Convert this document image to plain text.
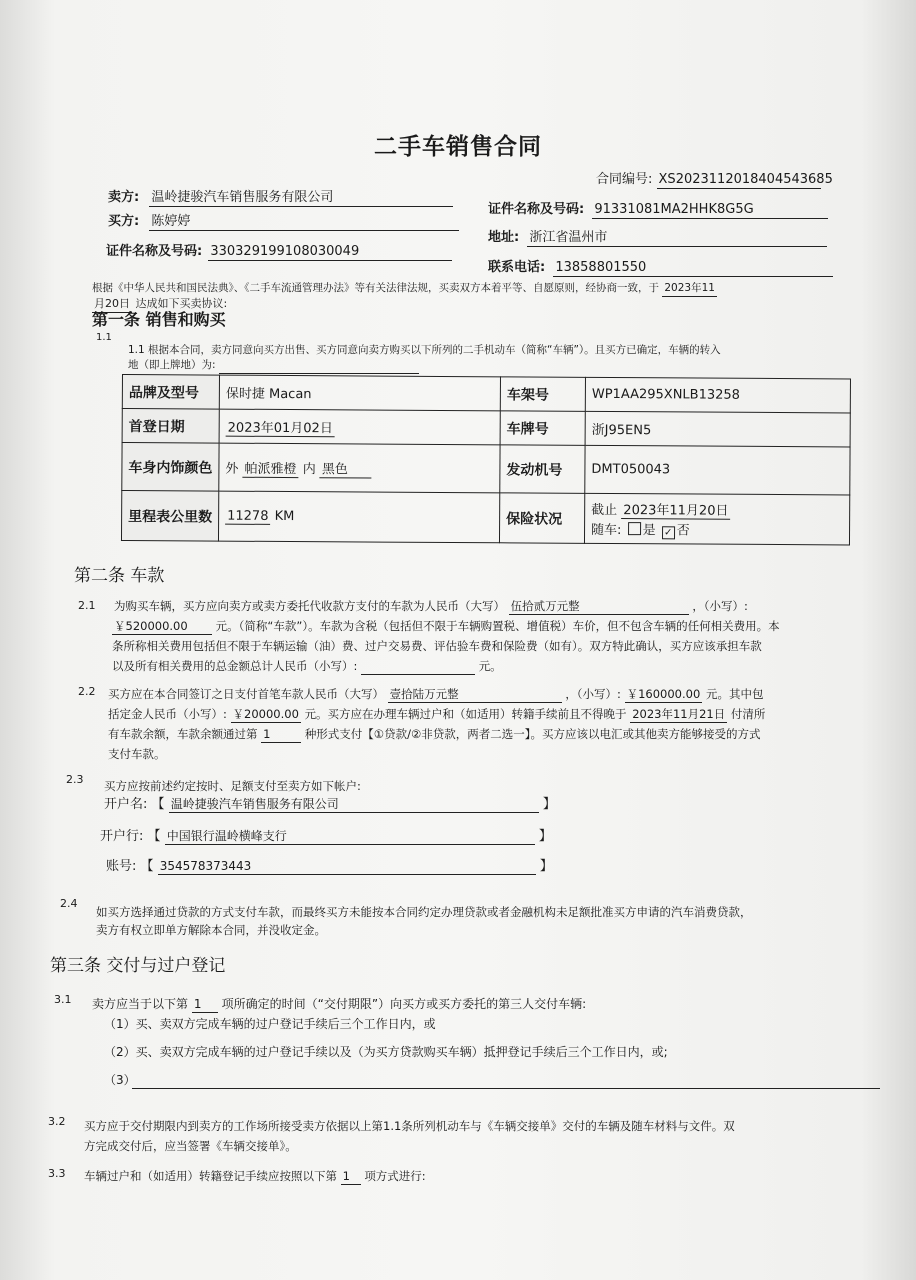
二手车销售合同
合同编号: XS2023112018404543685
卖方: 温岭捷骏汽车销售服务有限公司
证件名称及号码: 91331081MA2HHK8G5G
买方: 陈婷婷
地址: 浙江省温州市
证件名称及号码: 330329199108030049
联系电话: 13858801550
根据《中华人民共和国民法典》、《二手车流通管理办法》等有关法律法规，买卖双方本着平等、自愿原则，经协商一致，于 2023年11
月20日 达成如下买卖协议:
第一条 销售和购买
1.1
1.1 根据本合同，卖方同意向买方出售、买方同意向卖方购买以下所列的二手机动车（简称“车辆”）。且买方已确定，车辆的转入
地（即上牌地）为:
品牌及型号	保时捷 Macan	车架号	WP1AA295XNLB13258
首登日期	2023年01月02日	车牌号	浙J95EN5
车身内饰颜色	外 帕派雅橙 内 黑色	发动机号	DMT050043
里程表公里数	11278 KM	保险状况	截止 2023年11月20日
随车: 是 ✓ 否
第二条 车款
2.1 为购买车辆，买方应向卖方或卖方委托代收款方支付的车款为人民币（大写） 伍拾贰万元整	，（小写）:
￥520000.00 元。（简称“车款”）。车款为含税（包括但不限于车辆购置税、增值税）车价，但不包含车辆的任何相关费用。本
条所称相关费用包括但不限于车辆运输（油）费、过户交易费、评估验车费和保险费（如有）。双方特此确认，买方应该承担车款
以及所有相关费用的总金额总计人民币（小写）:	元。
2.2 买方应在本合同签订之日支付首笔车款人民币（大写） 壹拾陆万元整	，（小写）: ￥160000.00 元。其中包
括定金人民币（小写）: ￥20000.00 元。买方应在办理车辆过户和（如适用）转籍手续前且不得晚于 2023年11月21日 付清所
有车款余额，车款余额通过第 1	种形式支付【①贷款/②非贷款，两者二选一】。买方应该以电汇或其他卖方能够接受的方式
支付车款。
2.3 买方应按前述约定按时、足额支付至卖方如下帐户:
开户名: 【 温岭捷骏汽车销售服务有限公司	】
开户行: 【 中国银行温岭横峰支行	】
账号: 【 354578373443	】
2.4
如买方选择通过贷款的方式支付车款，而最终买方未能按本合同约定办理贷款或者金融机构未足额批准买方申请的汽车消费贷款，
卖方有权立即单方解除本合同，并没收定金。
第三条 交付与过户登记
3.1 卖方应当于以下第 1 项所确定的时间（“交付期限”）向买方或买方委托的第三人交付车辆:
（1）买、卖双方完成车辆的过户登记手续后三个工作日内，或
（2）买、卖双方完成车辆的过户登记手续以及（为买方贷款购买车辆）抵押登记手续后三个工作日内，或;
（3）
3.2 买方应于交付期限内到卖方的工作场所接受卖方依据以上第1.1条所列机动车与《车辆交接单》交付的车辆及随车材料与文件。双
方完成交付后，应当签署《车辆交接单》。
3.3 车辆过户和（如适用）转籍登记手续应按照以下第 1 项方式进行:
